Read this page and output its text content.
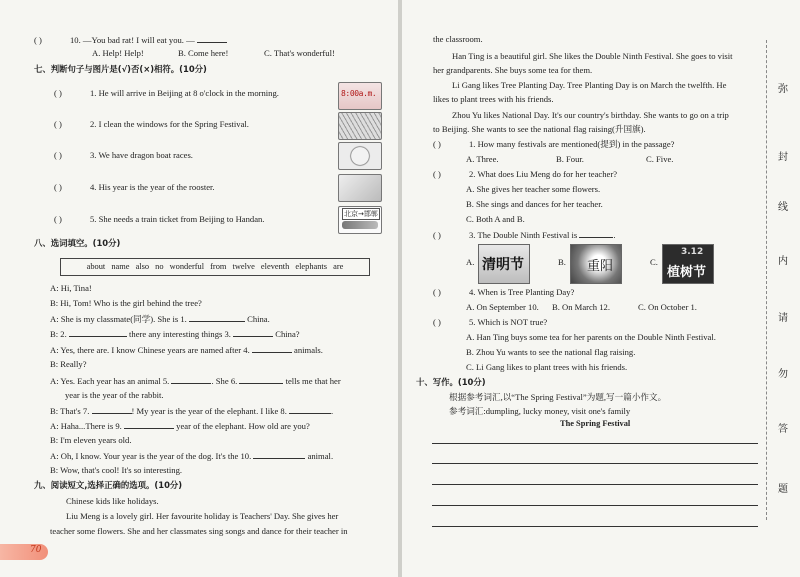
( )	10. —You bad rat! I will eat you. —
A. Help! Help!	B. Come here!	C. That's wonderful!
七、判断句子与图片是(√)否(×)相符。(10分)
( )	1. He will arrive in Beijing at 8 o'clock in the morning.
( )	2. I clean the windows for the Spring Festival.
( )	3. We have dragon boat races.
( )	4. His year is the year of the rooster.
( )	5. She needs a train ticket from Beijing to Handan.
8:00a.m.
北京→邯郸
八、选词填空。(10分)
about name also no wonderful from twelve eleventh elephants are
A: Hi, Tina!
B: Hi, Tom! Who is the girl behind the tree?
A: She is my classmate(同学). She is 1.	China.
B: 2.	there any interesting things 3.	China?
A: Yes, there are. I know Chinese years are named after 4.	animals.
B: Really?
A: Yes. Each year has an animal 5.	. She 6.	tells me that her
year is the year of the rabbit.
B: That's 7.	! My year is the year of the elephant. I like 8.	.
A: Haha...There is 9.	year of the elephant. How old are you?
B: I'm eleven years old.
A: Oh, I know. Your year is the year of the dog. It's the 10.	animal.
B: Wow, that's cool! It's so interesting.
九、阅读短文,选择正确的选项。(10分)
Chinese kids like holidays.
Liu Meng is a lovely girl. Her favourite holiday is Teachers' Day. She gives her
teacher some flowers. She and her classmates sing songs and dance for their teacher in
70
the classroom.
Han Ting is a beautiful girl. She likes the Double Ninth Festival. She goes to visit
her grandparents. She buys some tea for them.
Li Gang likes Tree Planting Day. Tree Planting Day is on March the twelfth. He
likes to plant trees with his friends.
Zhou Yu likes National Day. It's our country's birthday. She wants to go on a trip
to Beijing. She wants to see the national flag raising(升国旗).
( )	1. How many festivals are mentioned(提到) in the passage?
A. Three.	B. Four.	C. Five.
( )	2. What does Liu Meng do for her teacher?
A. She gives her teacher some flowers.
B. She sings and dances for her teacher.
C. Both A and B.
( )	3. The Double Ninth Festival is	.
A.	B.	C.
清明节	重阳
3.12
植树节
( )	4. When is Tree Planting Day?
A. On September 10. B. On March 12.	C. On October 1.
( )	5. Which is NOT true?
A. Han Ting buys some tea for her parents on the Double Ninth Festival.
B. Zhou Yu wants to see the national flag raising.
C. Li Gang likes to plant trees with his friends.
十、写作。(10分)
根据参考词汇,以“The Spring Festival”为题,写一篇小作文。
参考词汇:dumpling, lucky money, visit one's family
The Spring Festival
弥
封
线
内
请
勿
答
题
